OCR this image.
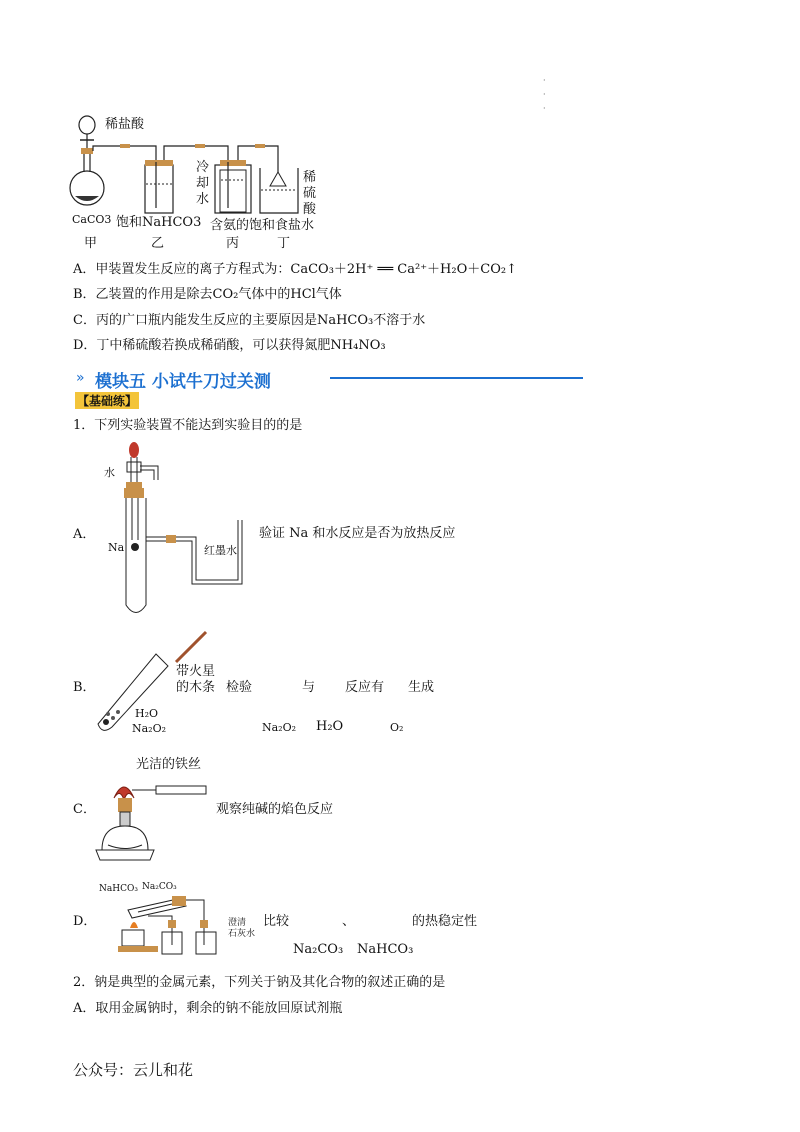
·
·
·
稀盐酸
CaCO3 饱和NaHCO3
冷
却
水
含氨的饱和食盐水
稀
硫
酸
甲	乙	丙	丁
A．甲装置发生反应的离子方程式为：CaCO₃＋2H⁺ ══ Ca²⁺＋H₂O＋CO₂↑
B．乙装置的作用是除去CO₂气体中的HCl气体
C．丙的广口瓶内能发生反应的主要原因是NaHCO₃不溶于水
D．丁中稀硫酸若换成稀硝酸，可以获得氮肥NH₄NO₃
» 模块五 小试牛刀过关测
【基础练】
1．下列实验装置不能达到实验目的的是
A．
水
Na	红墨水
验证 Na 和水反应是否为放热反应
B．
带火星
的木条
H₂O
Na₂O₂
检验	与 反应有 生成
Na₂O₂ H₂O	O₂
光洁的铁丝
C．	观察纯碱的焰色反应
NaHCO₃ Na₂CO₃
澄清
石灰水
D．	比较	、	的热稳定性
Na₂CO₃ NaHCO₃
2．钠是典型的金属元素，下列关于钠及其化合物的叙述正确的是
A．取用金属钠时，剩余的钠不能放回原试剂瓶
公众号：云儿和花
